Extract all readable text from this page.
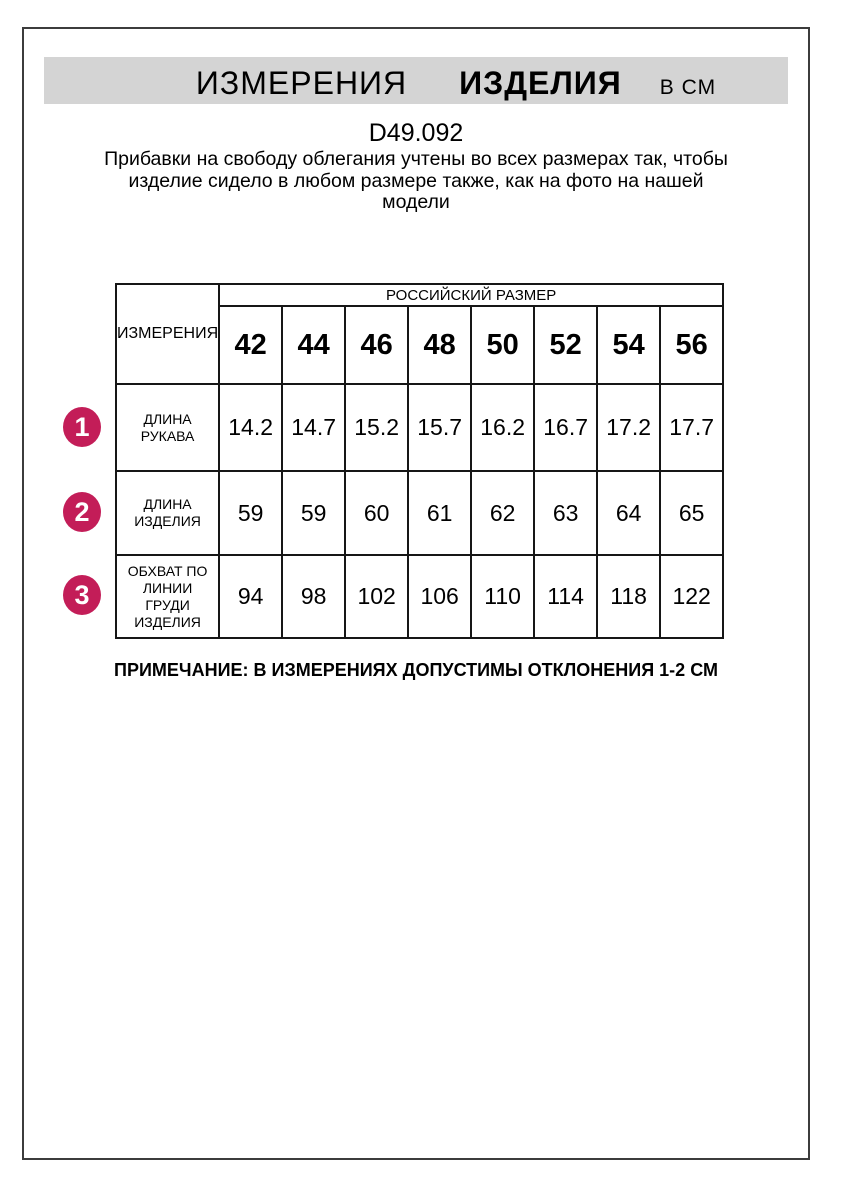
ИЗМЕРЕНИЯ ИЗДЕЛИЯ В СМ
D49.092
Прибавки на свободу облегания учтены во всех размерах так, чтобы
изделие сидело в любом размере также, как на фото на нашей
модели
1
2
3
ИЗМЕРЕНИЯ	РОССИЙСКИЙ РАЗМЕР							
	42	44	46	48	50	52	54	56
ДЛИНА РУКАВА	14.2	14.7	15.2	15.7	16.2	16.7	17.2	17.7
ДЛИНА ИЗДЕЛИЯ	59	59	60	61	62	63	64	65
ОБХВАТ ПО ЛИНИИ ГРУДИ ИЗДЕЛИЯ	94	98	102	106	110	114	118	122
ПРИМЕЧАНИЕ: В ИЗМЕРЕНИЯХ ДОПУСТИМЫ ОТКЛОНЕНИЯ 1-2 СМ
